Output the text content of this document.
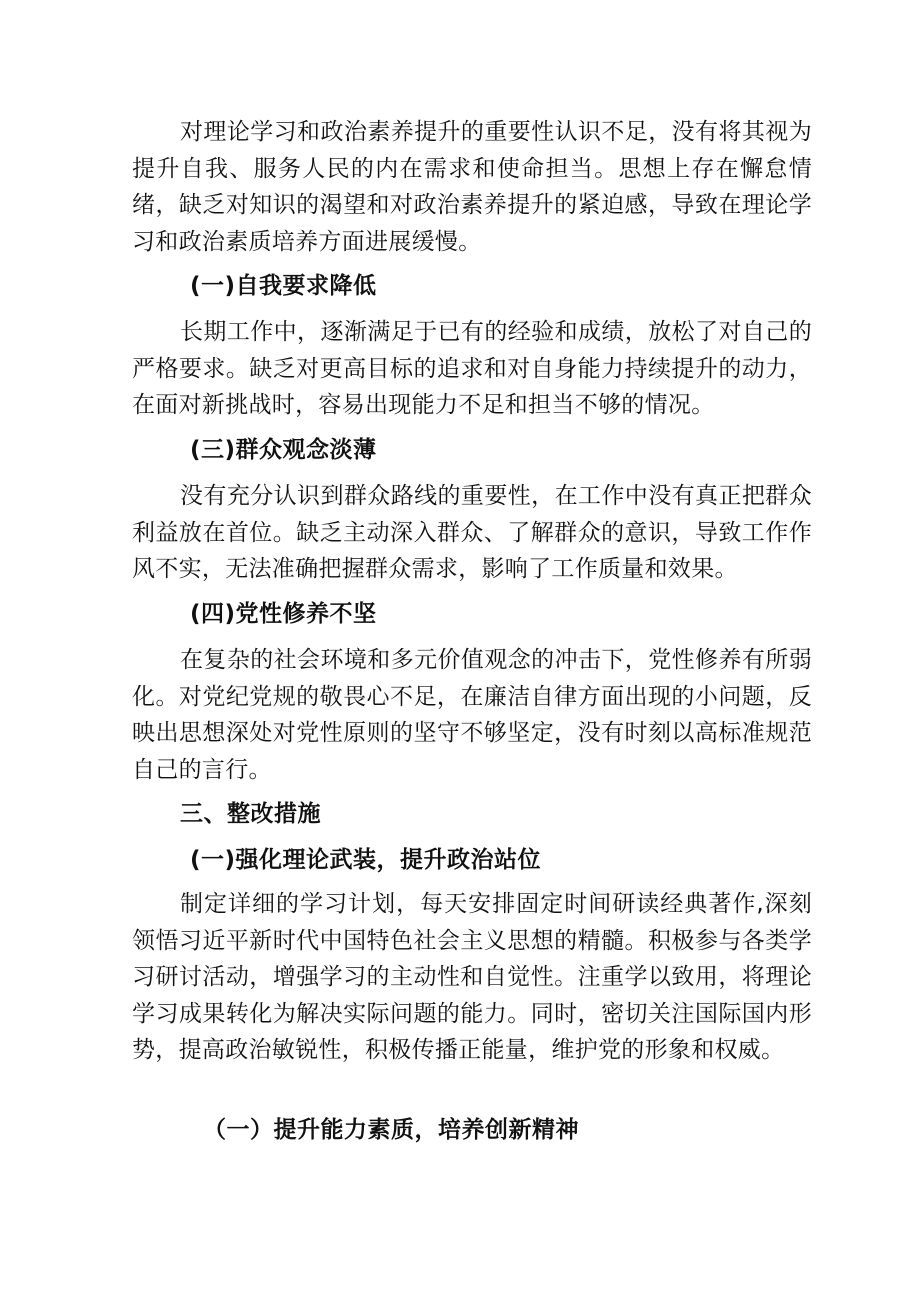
对理论学习和政治素养提升的重要性认识不足，没有将其视为提升自我、服务人民的内在需求和使命担当。思想上存在懈怠情绪，缺乏对知识的渴望和对政治素养提升的紧迫感，导致在理论学习和政治素质培养方面进展缓慢。
(一)自我要求降低
长期工作中，逐渐满足于已有的经验和成绩，放松了对自己的严格要求。缺乏对更高目标的追求和对自身能力持续提升的动力，在面对新挑战时，容易出现能力不足和担当不够的情况。
(三)群众观念淡薄
没有充分认识到群众路线的重要性，在工作中没有真正把群众利益放在首位。缺乏主动深入群众、了解群众的意识，导致工作作风不实，无法准确把握群众需求，影响了工作质量和效果。
(四)党性修养不坚
在复杂的社会环境和多元价值观念的冲击下，党性修养有所弱化。对党纪党规的敬畏心不足，在廉洁自律方面出现的小问题，反映出思想深处对党性原则的坚守不够坚定，没有时刻以高标准规范自己的言行。
三、整改措施
(一)强化理论武装，提升政治站位
制定详细的学习计划，每天安排固定时间研读经典著作,深刻领悟习近平新时代中国特色社会主义思想的精髓。积极参与各类学习研讨活动，增强学习的主动性和自觉性。注重学以致用，将理论学习成果转化为解决实际问题的能力。同时，密切关注国际国内形势，提高政治敏锐性，积极传播正能量，维护党的形象和权威。
（一）提升能力素质，培养创新精神
